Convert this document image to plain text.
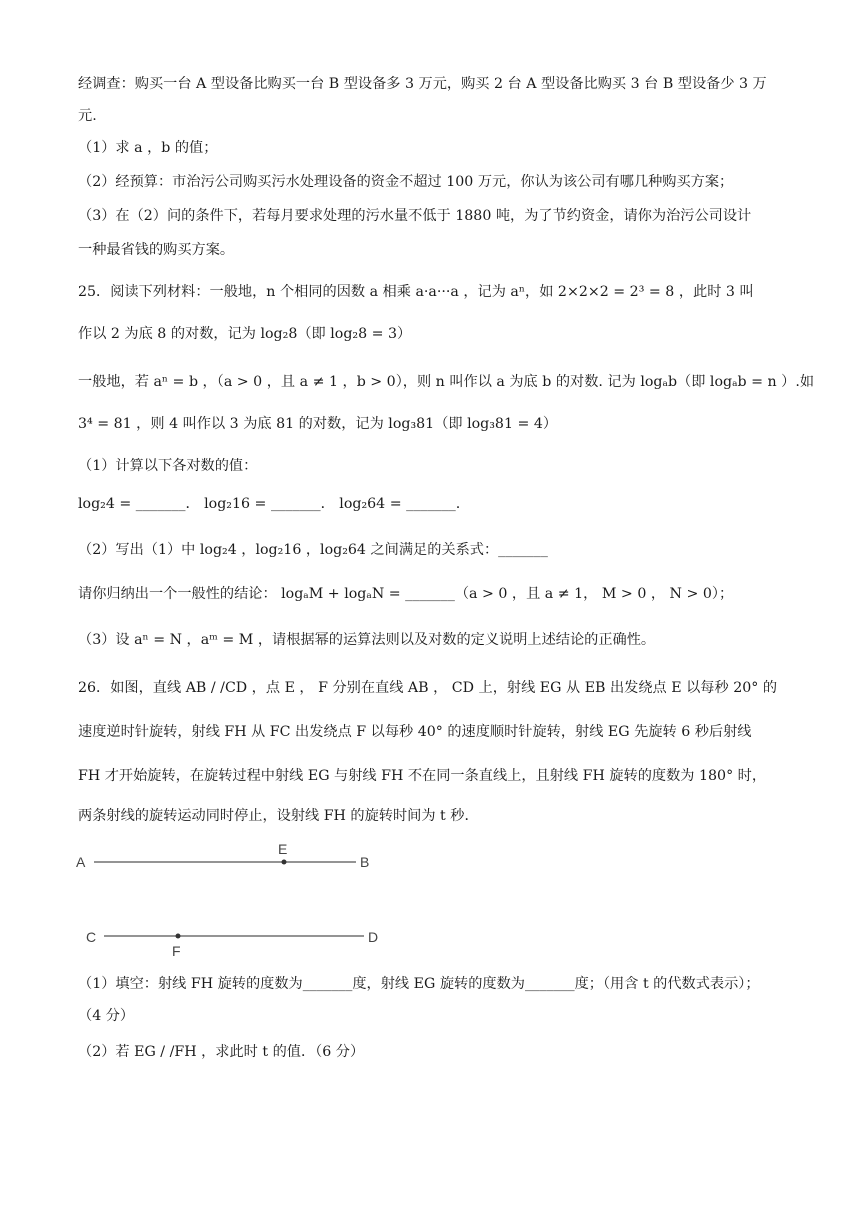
经调查：购买一台 A 型设备比购买一台 B 型设备多 3 万元，购买 2 台 A 型设备比购买 3 台 B 型设备少 3 万
元.
（1）求 a ，b 的值；
（2）经预算：市治污公司购买污水处理设备的资金不超过 100 万元，你认为该公司有哪几种购买方案；
（3）在（2）问的条件下，若每月要求处理的污水量不低于 1880 吨，为了节约资金，请你为治污公司设计
一种最省钱的购买方案。
25．阅读下列材料：一般地，n 个相同的因数 a 相乘 a·a···a ，记为 aⁿ，如 2×2×2 = 2³ = 8 ，此时 3 叫
作以 2 为底 8 的对数，记为 log₂8（即 log₂8 = 3）
一般地，若 aⁿ = b ，（a > 0 ，且 a ≠ 1 ，b > 0），则 n 叫作以 a 为底 b 的对数. 记为 logₐb（即 logₐb = n ）.如
3⁴ = 81 ，则 4 叫作以 3 为底 81 的对数，记为 log₃81（即 log₃81 = 4）
（1）计算以下各对数的值：
log₂4 = _______． log₂16 = _______． log₂64 = _______.
（2）写出（1）中 log₂4 ，log₂16 ，log₂64 之间满足的关系式：_______
请你归纳出一个一般性的结论： logₐM + logₐN = _______（a > 0 ，且 a ≠ 1， M > 0 ， N > 0）；
（3）设 aⁿ = N ，aᵐ = M ，请根据幂的运算法则以及对数的定义说明上述结论的正确性。
26．如图，直线 AB / /CD ，点 E ， F 分别在直线 AB ， CD 上，射线 EG 从 EB 出发绕点 E 以每秒 20° 的
速度逆时针旋转，射线 FH 从 FC 出发绕点 F 以每秒 40° 的速度顺时针旋转，射线 EG 先旋转 6 秒后射线
FH 才开始旋转，在旋转过程中射线 EG 与射线 FH 不在同一条直线上，且射线 FH 旋转的度数为 180° 时，
两条射线的旋转运动同时停止，设射线 FH 的旋转时间为 t 秒．
A	B
E
C	D
F
（1）填空：射线 FH 旋转的度数为_______度，射线 EG 旋转的度数为_______度；（用含 t 的代数式表示）；
（4 分）
（2）若 EG / /FH ，求此时 t 的值．（6 分）
